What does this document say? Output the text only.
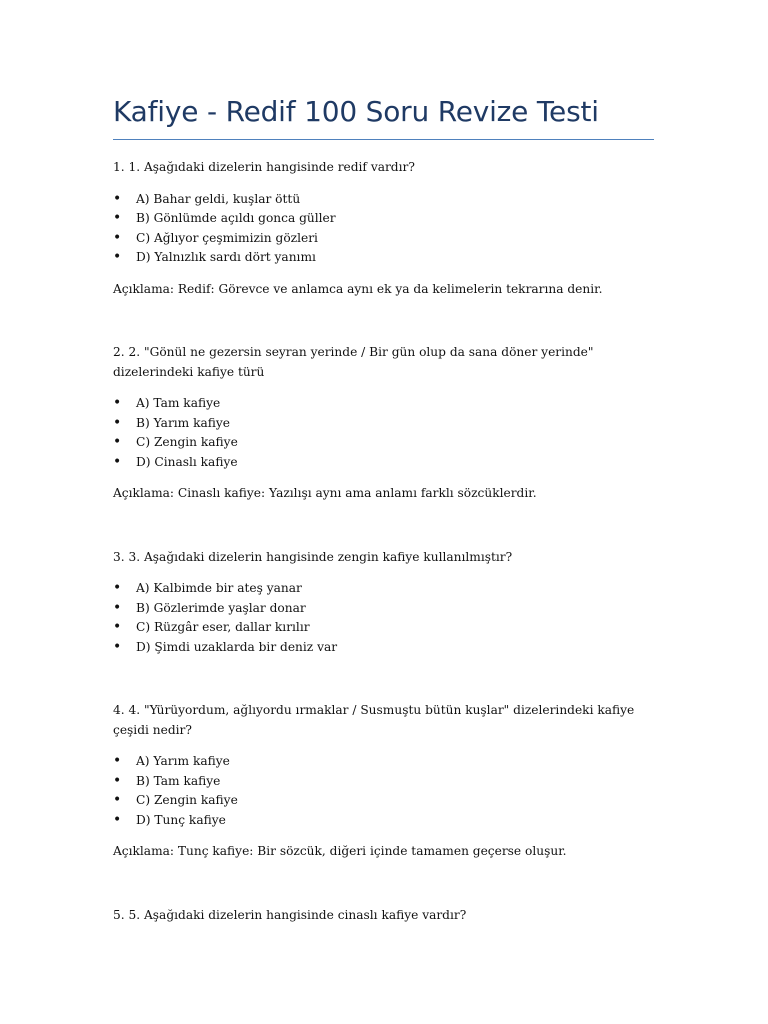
Kafiye - Redif 100 Soru Revize Testi

1. 1. Aşağıdaki dizelerin hangisinde redif vardır?

• A) Bahar geldi, kuşlar öttü
• B) Gönlümde açıldı gonca güller
• C) Ağlıyor çeşmimizin gözleri
• D) Yalnızlık sardı dört yanımı

Açıklama: Redif: Görevce ve anlamca aynı ek ya da kelimelerin tekrarına denir.

2. 2. "Gönül ne gezersin seyran yerinde / Bir gün olup da sana döner yerinde" dizelerindeki kafiye türü

• A) Tam kafiye
• B) Yarım kafiye
• C) Zengin kafiye
• D) Cinaslı kafiye

Açıklama: Cinaslı kafiye: Yazılışı aynı ama anlamı farklı sözcüklerdir.

3. 3. Aşağıdaki dizelerin hangisinde zengin kafiye kullanılmıştır?

• A) Kalbimde bir ateş yanar
• B) Gözlerimde yaşlar donar
• C) Rüzgâr eser, dallar kırılır
• D) Şimdi uzaklarda bir deniz var

4. 4. "Yürüyordum, ağlıyordu ırmaklar / Susmuştu bütün kuşlar" dizelerindeki kafiye çeşidi nedir?

• A) Yarım kafiye
• B) Tam kafiye
• C) Zengin kafiye
• D) Tunç kafiye

Açıklama: Tunç kafiye: Bir sözcük, diğeri içinde tamamen geçerse oluşur.

5. 5. Aşağıdaki dizelerin hangisinde cinaslı kafiye vardır?
